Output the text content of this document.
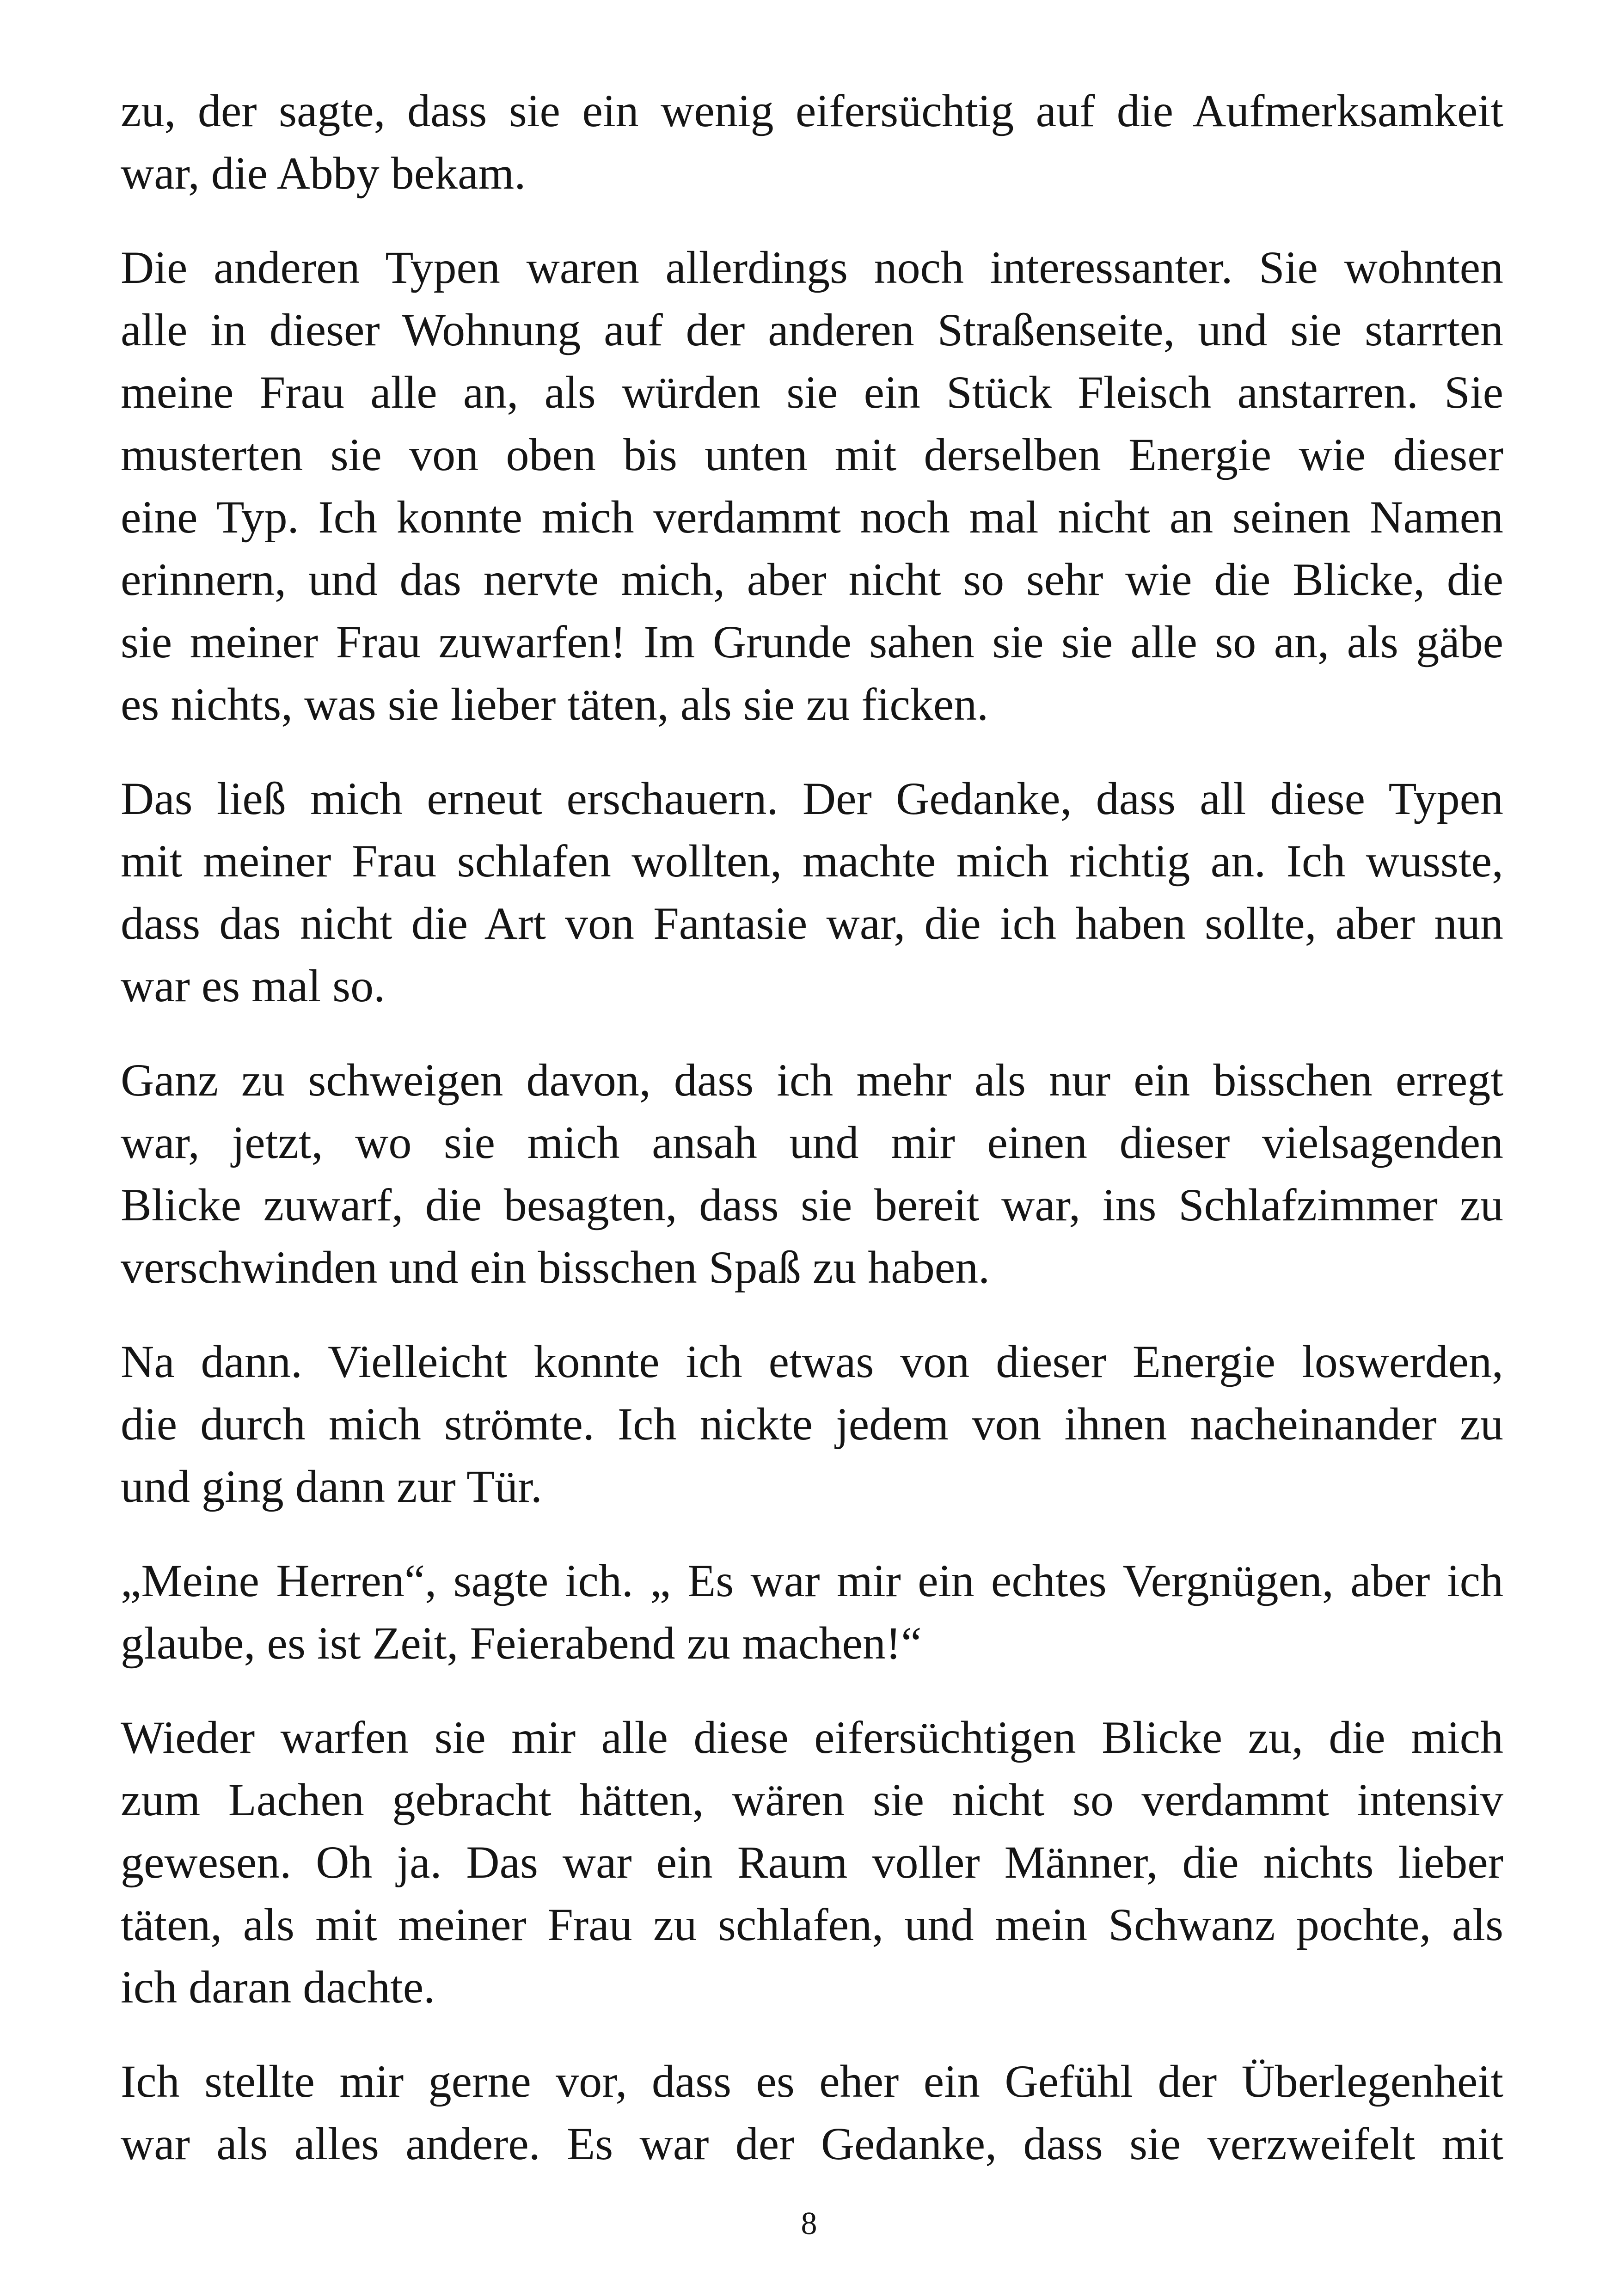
zu, der sagte, dass sie ein wenig eifersüchtig auf die Aufmerksamkeit
war, die Abby bekam.
Die anderen Typen waren allerdings noch interessanter. Sie wohnten
alle in dieser Wohnung auf der anderen Straßenseite, und sie starrten
meine Frau alle an, als würden sie ein Stück Fleisch anstarren. Sie
musterten sie von oben bis unten mit derselben Energie wie dieser
eine Typ. Ich konnte mich verdammt noch mal nicht an seinen Namen
erinnern, und das nervte mich, aber nicht so sehr wie die Blicke, die
sie meiner Frau zuwarfen! Im Grunde sahen sie sie alle so an, als gäbe
es nichts, was sie lieber täten, als sie zu ficken.
Das ließ mich erneut erschauern. Der Gedanke, dass all diese Typen
mit meiner Frau schlafen wollten, machte mich richtig an. Ich wusste,
dass das nicht die Art von Fantasie war, die ich haben sollte, aber nun
war es mal so.
Ganz zu schweigen davon, dass ich mehr als nur ein bisschen erregt
war, jetzt, wo sie mich ansah und mir einen dieser vielsagenden
Blicke zuwarf, die besagten, dass sie bereit war, ins Schlafzimmer zu
verschwinden und ein bisschen Spaß zu haben.
Na dann. Vielleicht konnte ich etwas von dieser Energie loswerden,
die durch mich strömte. Ich nickte jedem von ihnen nacheinander zu
und ging dann zur Tür.
„Meine Herren“, sagte ich. „ Es war mir ein echtes Vergnügen, aber ich
glaube, es ist Zeit, Feierabend zu machen!“
Wieder warfen sie mir alle diese eifersüchtigen Blicke zu, die mich
zum Lachen gebracht hätten, wären sie nicht so verdammt intensiv
gewesen. Oh ja. Das war ein Raum voller Männer, die nichts lieber
täten, als mit meiner Frau zu schlafen, und mein Schwanz pochte, als
ich daran dachte.
Ich stellte mir gerne vor, dass es eher ein Gefühl der Überlegenheit
war als alles andere. Es war der Gedanke, dass sie verzweifelt mit
8
